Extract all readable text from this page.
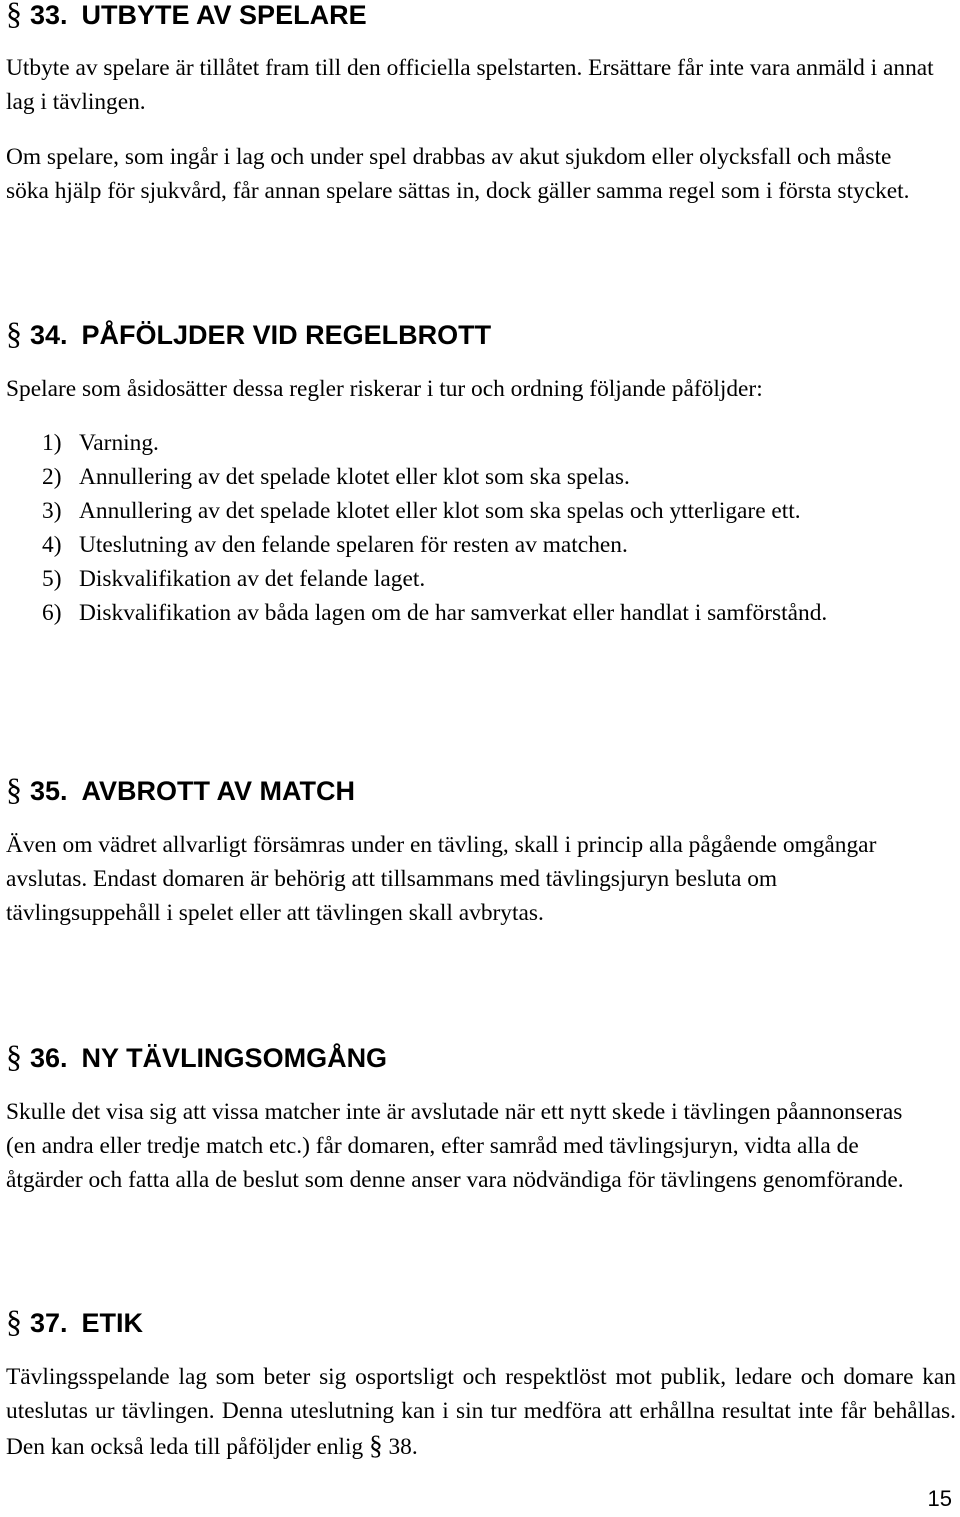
§ 33. UTBYTE AV SPELARE

Utbyte av spelare är tillåtet fram till den officiella spelstarten. Ersättare får inte vara anmäld i annat lag i tävlingen.

Om spelare, som ingår i lag och under spel drabbas av akut sjukdom eller olycksfall och måste söka hjälp för sjukvård, får annan spelare sättas in, dock gäller samma regel som i första stycket.

§ 34. PÅFÖLJDER VID REGELBROTT

Spelare som åsidosätter dessa regler riskerar i tur och ordning följande påföljder:

1) Varning.
2) Annullering av det spelade klotet eller klot som ska spelas.
3) Annullering av det spelade klotet eller klot som ska spelas och ytterligare ett.
4) Uteslutning av den felande spelaren för resten av matchen.
5) Diskvalifikation av det felande laget.
6) Diskvalifikation av båda lagen om de har samverkat eller handlat i samförstånd.
§ 35. AVBROTT AV MATCH

Även om vädret allvarligt försämras under en tävling, skall i princip alla pågående omgångar avslutas. Endast domaren är behörig att tillsammans med tävlingsjuryn besluta om tävlingsuppehåll i spelet eller att tävlingen skall avbrytas.

§ 36. NY TÄVLINGSOMGÅNG

Skulle det visa sig att vissa matcher inte är avslutade när ett nytt skede i tävlingen påannonseras (en andra eller tredje match etc.) får domaren, efter samråd med tävlingsjuryn, vidta alla de åtgärder och fatta alla de beslut som denne anser vara nödvändiga för tävlingens genomförande.

§ 37. ETIK

Tävlingsspelande lag som beter sig osportsligt och respektlöst mot publik, ledare och domare kan uteslutas ur tävlingen. Denna uteslutning kan i sin tur medföra att erhållna resultat inte får behållas. Den kan också leda till påföljder enlig § 38.

15
